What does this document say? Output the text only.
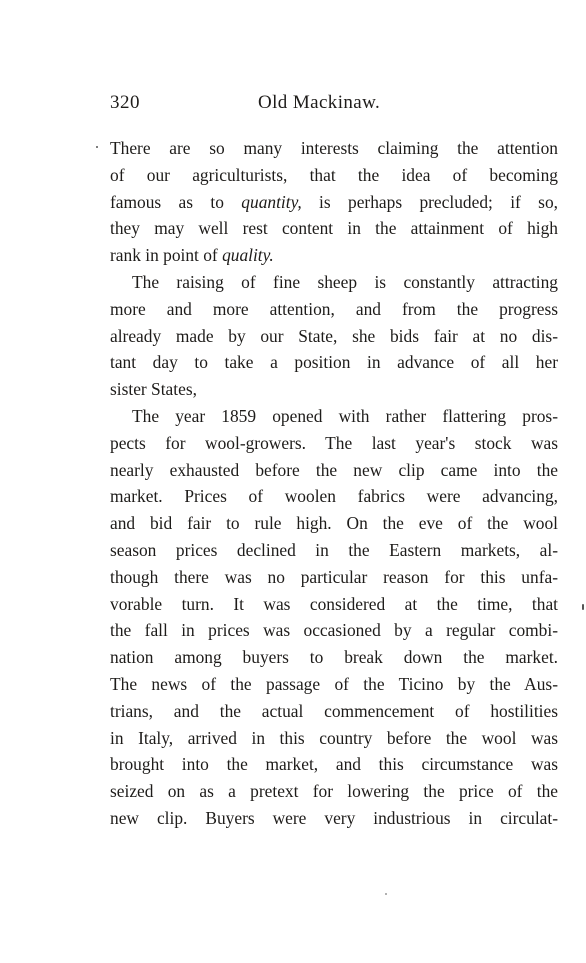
320	Old Mackinaw.
There are so many interests claiming the attention
of our agriculturists, that the idea of becoming
famous as to quantity, is perhaps precluded; if so,
they may well rest content in the attainment of high
rank in point of quality.
The raising of fine sheep is constantly attracting
more and more attention, and from the progress
already made by our State, she bids fair at no dis-
tant day to take a position in advance of all her
sister States,
The year 1859 opened with rather flattering pros-
pects for wool-growers. The last year's stock was
nearly exhausted before the new clip came into the
market. Prices of woolen fabrics were advancing,
and bid fair to rule high. On the eve of the wool
season prices declined in the Eastern markets, al-
though there was no particular reason for this unfa-
vorable turn. It was considered at the time, that
the fall in prices was occasioned by a regular combi-
nation among buyers to break down the market.
The news of the passage of the Ticino by the Aus-
trians, and the actual commencement of hostilities
in Italy, arrived in this country before the wool was
brought into the market, and this circumstance was
seized on as a pretext for lowering the price of the
new clip. Buyers were very industrious in circulat-
